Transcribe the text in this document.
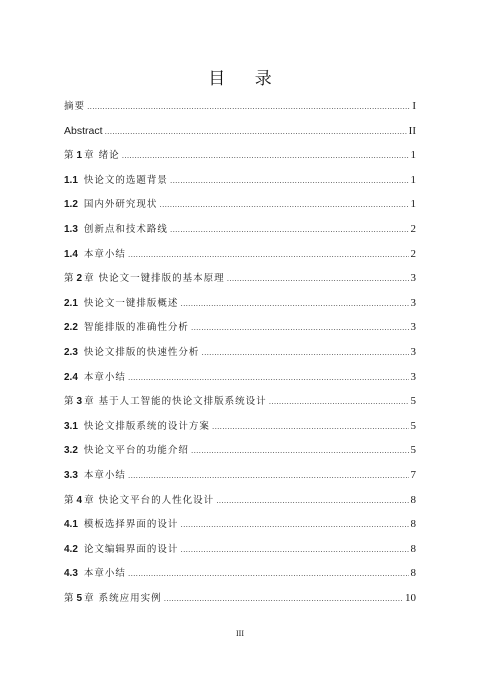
目 录
摘要 .....	I
Abstract .....	II
第 1 章 绪论 .....	1
1.1 快论文的选题背景 .....	1
1.2 国内外研究现状 .....	1
1.3 创新点和技术路线 .....	2
1.4 本章小结 .....	2
第 2 章 快论文一键排版的基本原理 .....	3
2.1 快论文一键排版概述 .....	3
2.2 智能排版的准确性分析 .....	3
2.3 快论文排版的快速性分析 .....	3
2.4 本章小结 .....	3
第 3 章 基于人工智能的快论文排版系统设计 .....	5
3.1 快论文排版系统的设计方案 .....	5
3.2 快论文平台的功能介绍 .....	5
3.3 本章小结 .....	7
第 4 章 快论文平台的人性化设计 .....	8
4.1 模板选择界面的设计 .....	8
4.2 论文编辑界面的设计 .....	8
4.3 本章小结 .....	8
第 5 章 系统应用实例 .....	10
III
